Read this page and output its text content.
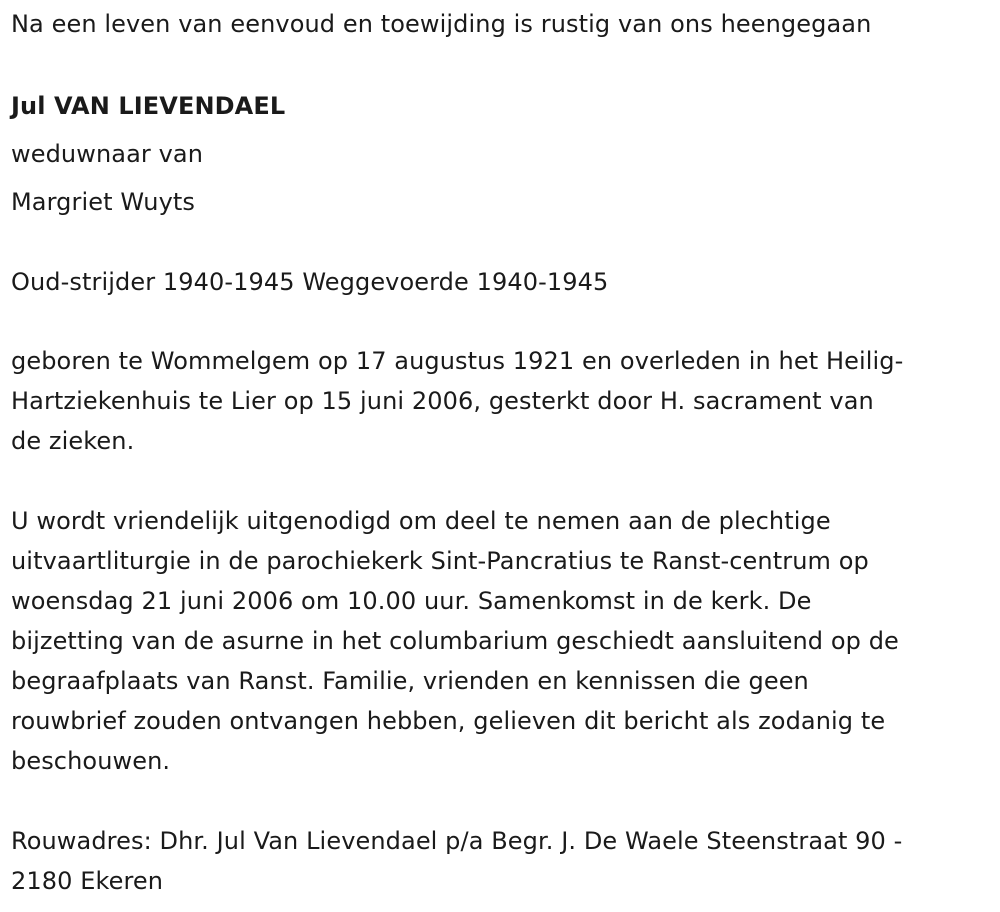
Na een leven van eenvoud en toewijding is rustig van ons heengegaan
Jul VAN LIEVENDAEL
weduwnaar van
Margriet Wuyts
Oud-strijder 1940-1945 Weggevoerde 1940-1945
geboren te Wommelgem op 17 augustus 1921 en overleden in het Heilig-
Hartziekenhuis te Lier op 15 juni 2006, gesterkt door H. sacrament van
de zieken.
U wordt vriendelijk uitgenodigd om deel te nemen aan de plechtige
uitvaartliturgie in de parochiekerk Sint-Pancratius te Ranst-centrum op
woensdag 21 juni 2006 om 10.00 uur. Samenkomst in de kerk. De
bijzetting van de asurne in het columbarium geschiedt aansluitend op de
begraafplaats van Ranst. Familie, vrienden en kennissen die geen
rouwbrief zouden ontvangen hebben, gelieven dit bericht als zodanig te
beschouwen.
Rouwadres: Dhr. Jul Van Lievendael p/a Begr. J. De Waele Steenstraat 90 -
2180 Ekeren
